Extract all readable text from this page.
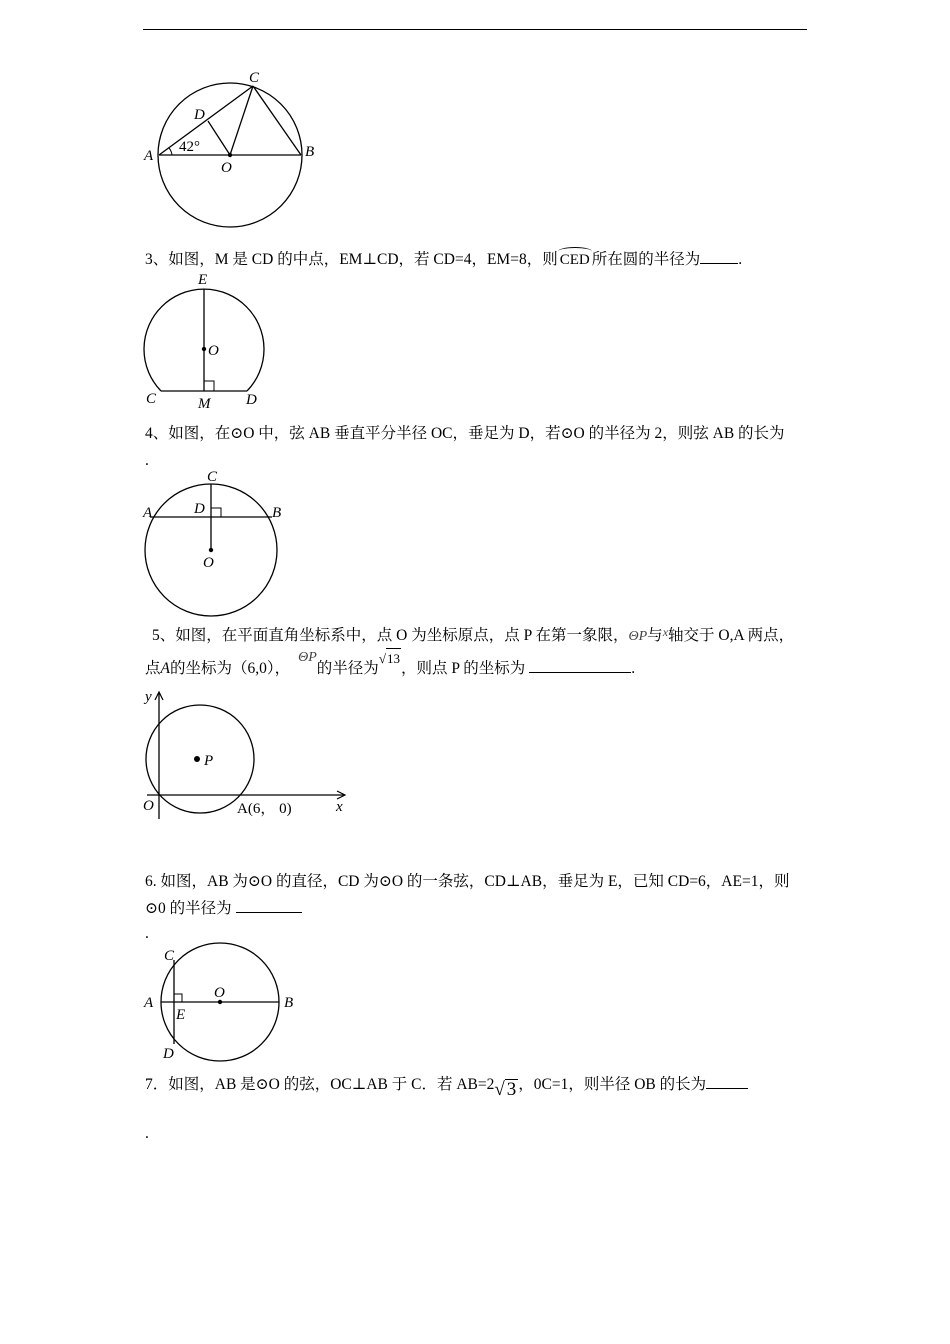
A	B
C
D
O
42°
3、如图，M 是 CD 的中点，EM⊥CD，若 CD=4，EM=8，则 CED 所在圆的半径为 .
E
O
C	M D
4、如图，在⊙O 中，弦 AB 垂直平分半径 OC，垂足为 D，若⊙O 的半径为 2，则弦 AB 的长为
.
C
A	D	B
O
5、如图，在平面直角坐标系中，点 O 为坐标原点，点 P 在第一象限，ΘP与$^x$轴交于 O,A 两点，
点A的坐标为（6,0），ΘP的半径为√13，则点 P 的坐标为	.
y
P
O	A(6， 0)	x
6. 如图，AB 为⊙O 的直径，CD 为⊙O 的一条弦，CD⊥AB，垂足为 E，已知 CD=6，AE=1，则
⊙0 的半径为
.
C
A
E
O
B
D
7．如图，AB 是⊙O 的弦，OC⊥AB 于 C．若 AB=2√ 3 ，0C=1，则半径 OB 的长为
.
